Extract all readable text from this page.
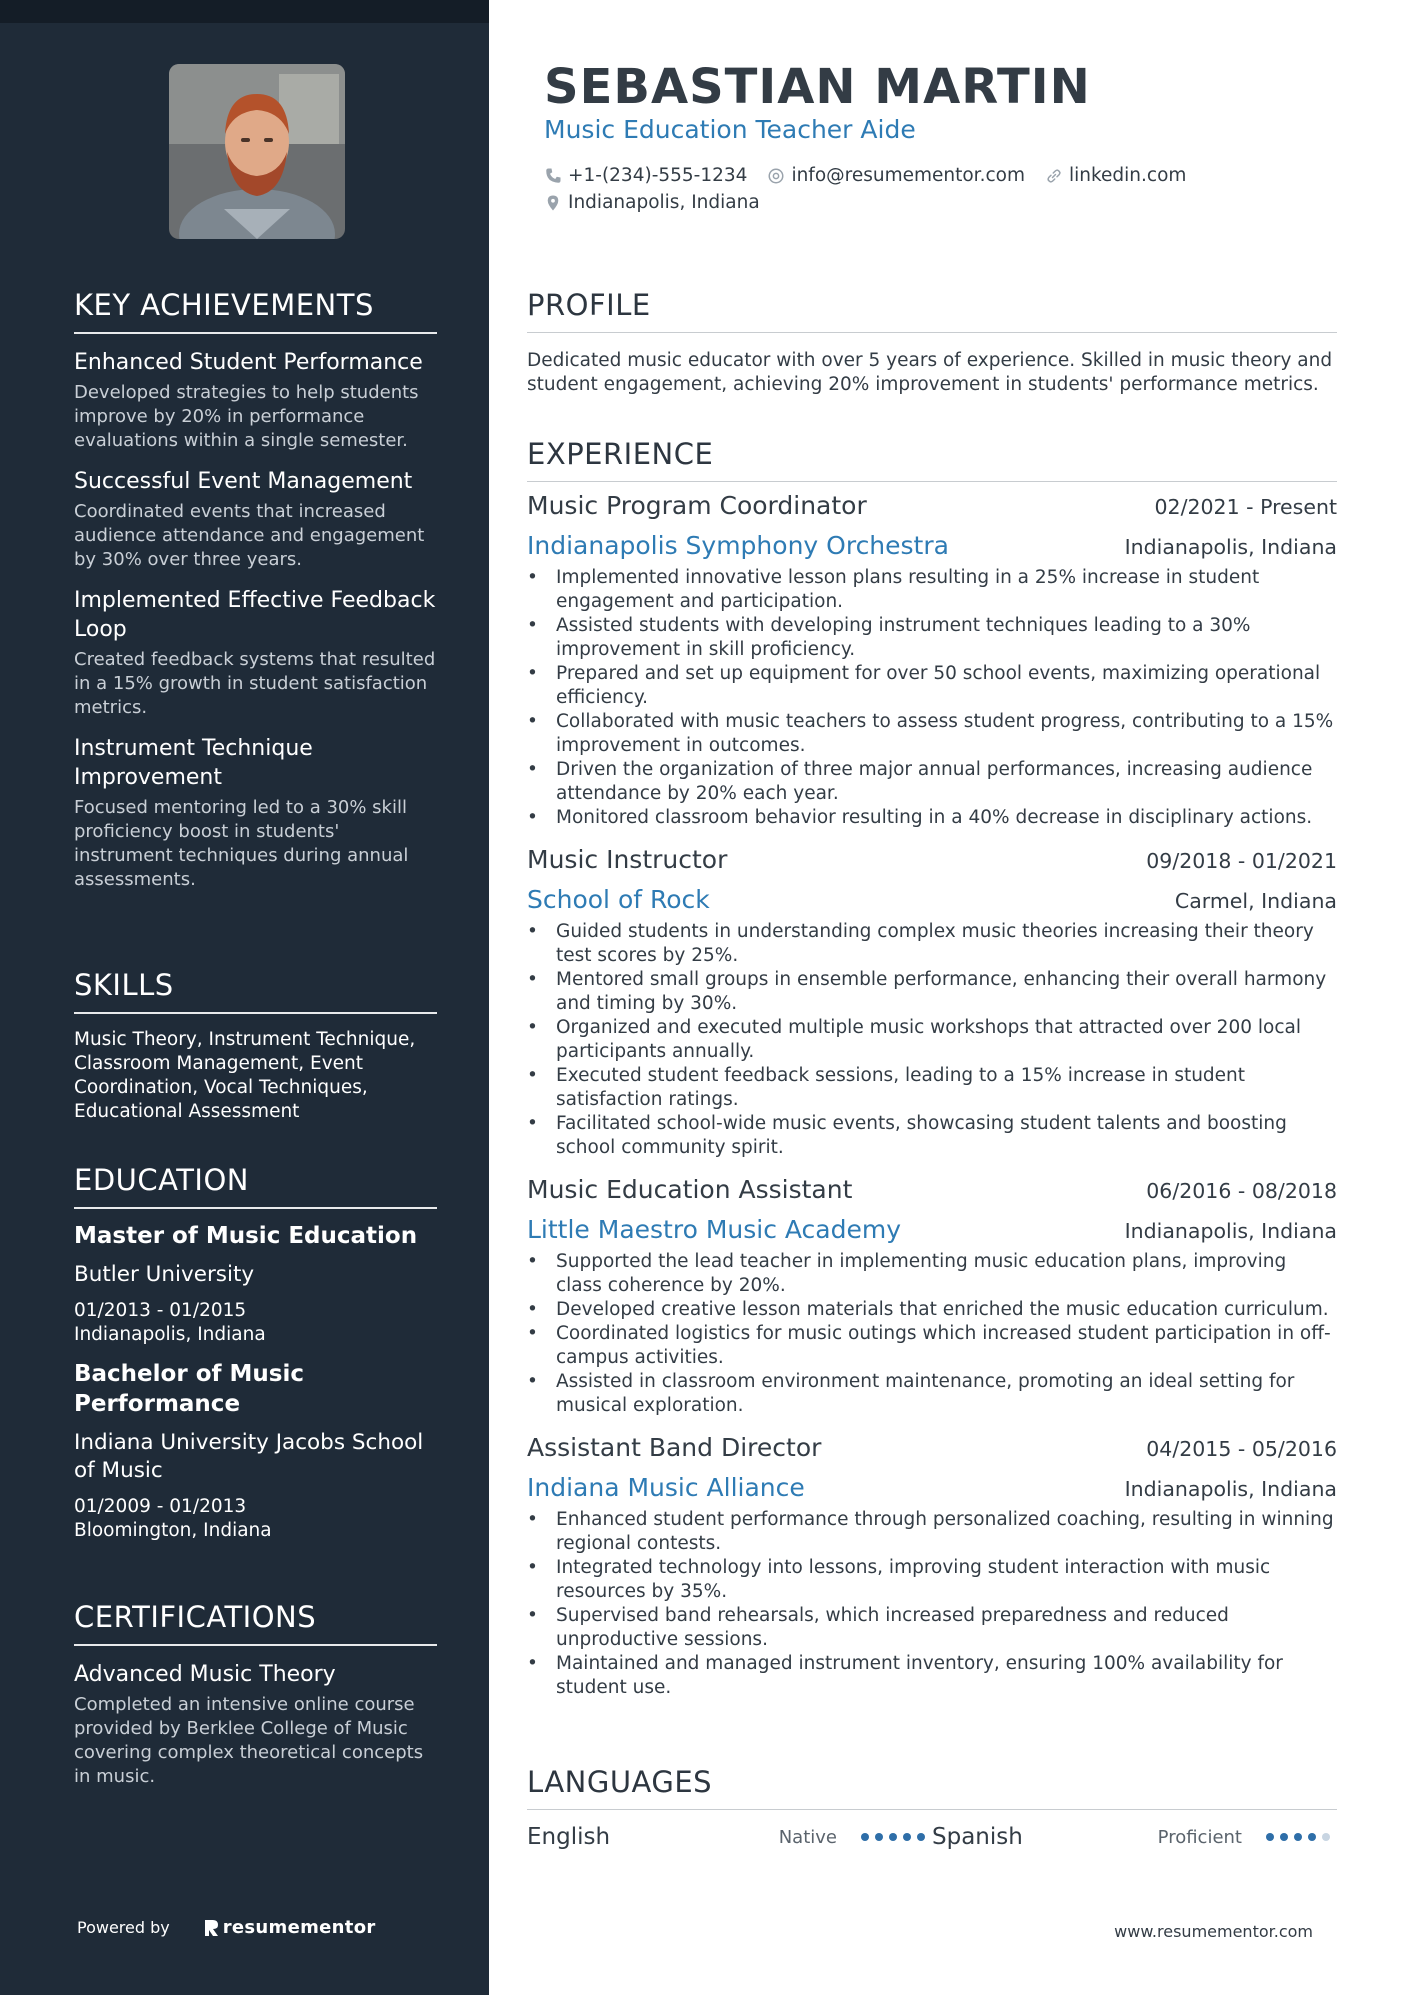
KEY ACHIEVEMENTS
Enhanced Student Performance
Developed strategies to help students improve by 20% in performance evaluations within a single semester.
Successful Event Management
Coordinated events that increased audience attendance and engagement by 30% over three years.
Implemented Effective Feedback Loop
Created feedback systems that resulted in a 15% growth in student satisfaction metrics.
Instrument Technique Improvement
Focused mentoring led to a 30% skill proficiency boost in students' instrument techniques during annual assessments.
SKILLS
Music Theory, Instrument Technique, Classroom Management, Event Coordination, Vocal Techniques, Educational Assessment
EDUCATION
Master of Music Education
Butler University
01/2013 - 01/2015
Indianapolis, Indiana
Bachelor of Music Performance
Indiana University Jacobs School of Music
01/2009 - 01/2013
Bloomington, Indiana
CERTIFICATIONS
Advanced Music Theory
Completed an intensive online course provided by Berklee College of Music covering complex theoretical concepts in music.
Powered by	resumementor
SEBASTIAN MARTIN
Music Education Teacher Aide
+1-(234)-555-1234 info@resumementor.com linkedin.com
Indianapolis, Indiana
PROFILE
Dedicated music educator with over 5 years of experience. Skilled in music theory and student engagement, achieving 20% improvement in students' performance metrics.
EXPERIENCE
Music Program Coordinator	02/2021 - Present
Indianapolis Symphony Orchestra	Indianapolis, Indiana
• Implemented innovative lesson plans resulting in a 25% increase in student engagement and participation.
• Assisted students with developing instrument techniques leading to a 30% improvement in skill proficiency.
• Prepared and set up equipment for over 50 school events, maximizing operational efficiency.
• Collaborated with music teachers to assess student progress, contributing to a 15% improvement in outcomes.
• Driven the organization of three major annual performances, increasing audience attendance by 20% each year.
• Monitored classroom behavior resulting in a 40% decrease in disciplinary actions.
Music Instructor	09/2018 - 01/2021
School of Rock	Carmel, Indiana
• Guided students in understanding complex music theories increasing their theory test scores by 25%.
• Mentored small groups in ensemble performance, enhancing their overall harmony and timing by 30%.
• Organized and executed multiple music workshops that attracted over 200 local participants annually.
• Executed student feedback sessions, leading to a 15% increase in student satisfaction ratings.
• Facilitated school-wide music events, showcasing student talents and boosting school community spirit.
Music Education Assistant	06/2016 - 08/2018
Little Maestro Music Academy	Indianapolis, Indiana
• Supported the lead teacher in implementing music education plans, improving class coherence by 20%.
• Developed creative lesson materials that enriched the music education curriculum.
• Coordinated logistics for music outings which increased student participation in off-campus activities.
• Assisted in classroom environment maintenance, promoting an ideal setting for musical exploration.
Assistant Band Director	04/2015 - 05/2016
Indiana Music Alliance	Indianapolis, Indiana
• Enhanced student performance through personalized coaching, resulting in winning regional contests.
• Integrated technology into lessons, improving student interaction with music resources by 35%.
• Supervised band rehearsals, which increased preparedness and reduced unproductive sessions.
• Maintained and managed instrument inventory, ensuring 100% availability for student use.
LANGUAGES
English	Native	Spanish	Proficient
www.resumementor.com
